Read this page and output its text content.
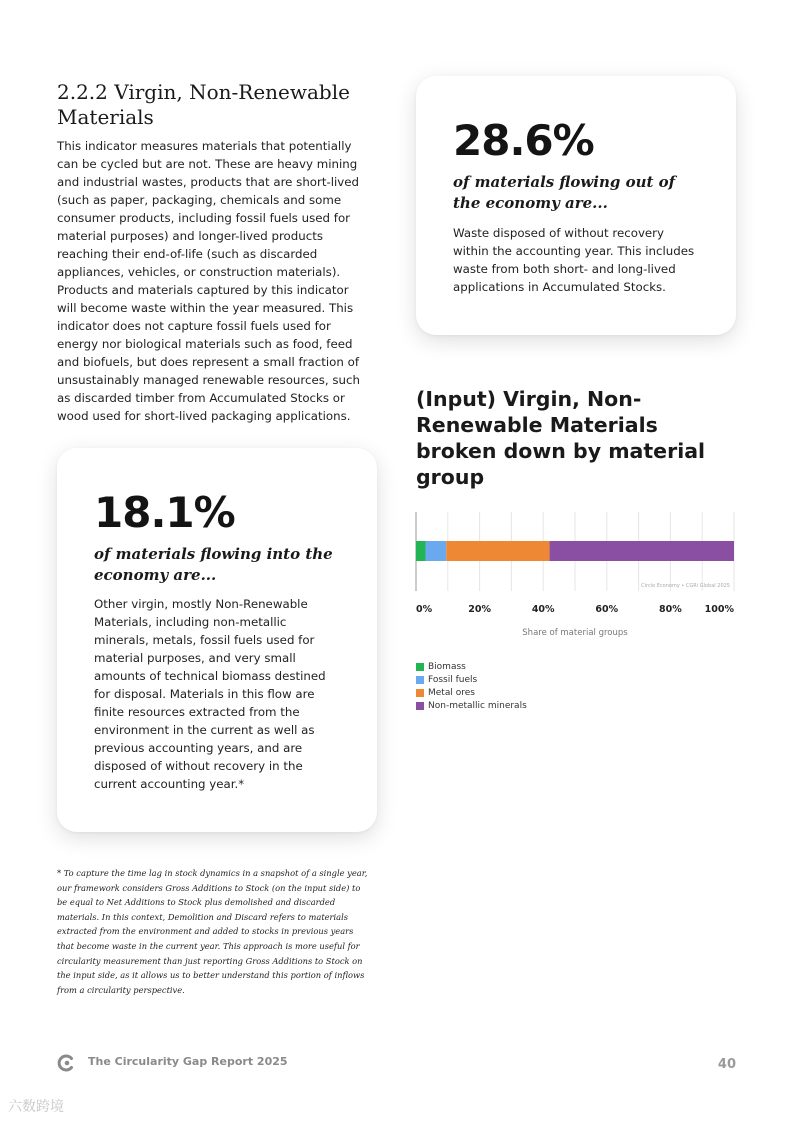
2.2.2 Virgin, Non-Renewable Materials

This indicator measures materials that potentially can be cycled but are not. These are heavy mining and industrial wastes, products that are short-lived (such as paper, packaging, chemicals and some consumer products, including fossil fuels used for material purposes) and longer-lived products reaching their end-of-life (such as discarded appliances, vehicles, or construction materials). Products and materials captured by this indicator will become waste within the year measured. This indicator does not capture fossil fuels used for energy nor biological materials such as food, feed and biofuels, but does represent a small fraction of unsustainably managed renewable resources, such as discarded timber from Accumulated Stocks or wood used for short-lived packaging applications.

28.6%

of materials flowing out of the economy are...

Waste disposed of without recovery within the accounting year. This includes waste from both short- and long-lived applications in Accumulated Stocks.

18.1%

of materials flowing into the economy are...

Other virgin, mostly Non-Renewable Materials, including non-metallic minerals, metals, fossil fuels used for material purposes, and very small amounts of technical biomass destined for disposal. Materials in this flow are finite resources extracted from the environment in the current as well as previous accounting years, and are disposed of without recovery in the current accounting year.*

(Input) Virgin, Non-Renewable Materials broken down by material group
Circle Economy • CGRi Global 2025
0%	20%	40%	60%	80% 100%
Share of material groups
Biomass
Fossil fuels
Metal ores
Non-metallic minerals

* To capture the time lag in stock dynamics in a snapshot of a single year, our framework considers Gross Additions to Stock (on the input side) to be equal to Net Additions to Stock plus demolished and discarded materials. In this context, Demolition and Discard refers to materials extracted from the environment and added to stocks in previous years that become waste in the current year. This approach is more useful for circularity measurement than just reporting Gross Additions to Stock on the input side, as it allows us to better understand this portion of inflows from a circularity perspective.

The Circularity Gap Report 2025	40
六数跨境
